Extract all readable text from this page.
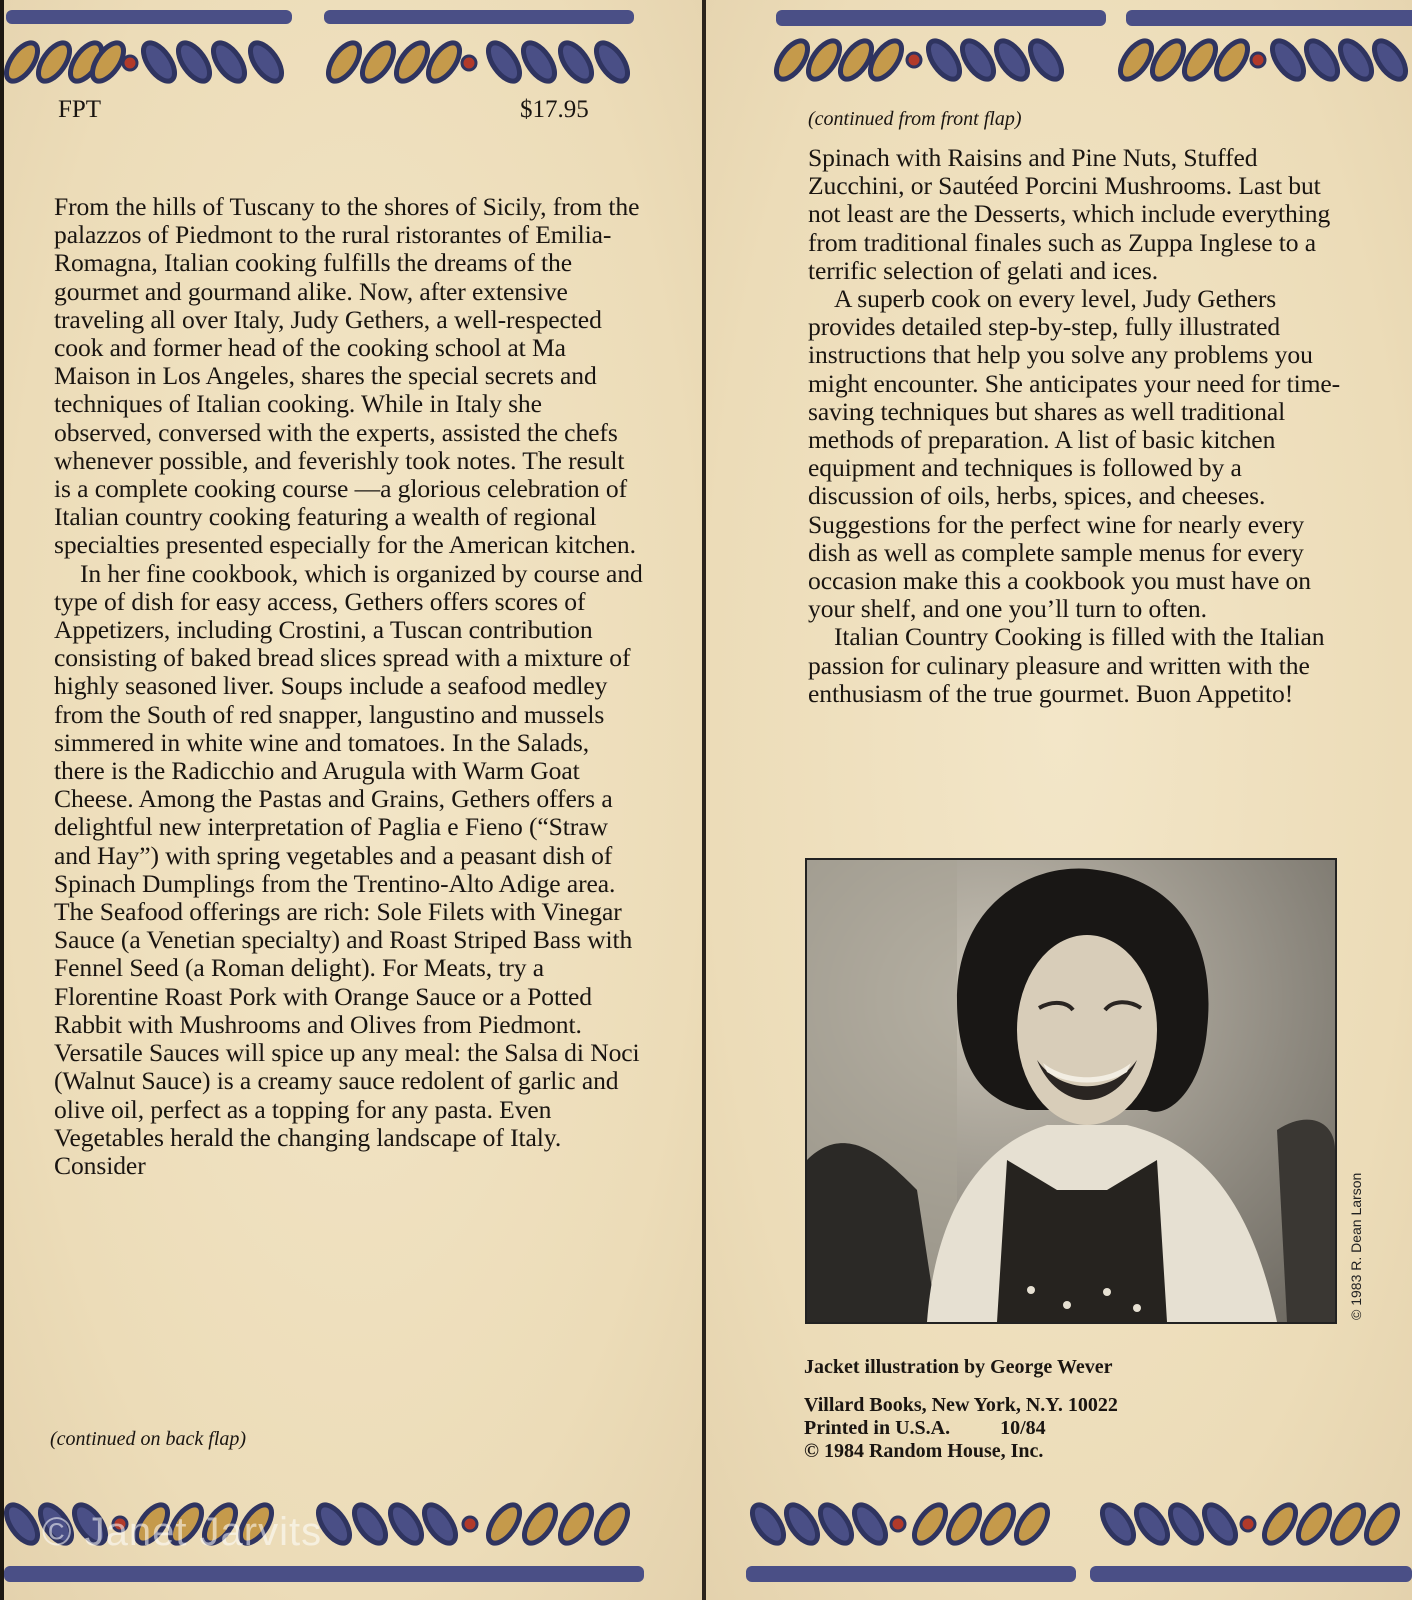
FPT	$17.95

From the hills of Tuscany to the shores of Sicily, from the palazzos of Piedmont to the rural ristorantes of Emilia-Romagna, Italian cooking fulfills the dreams of the gourmet and gourmand alike. Now, after extensive traveling all over Italy, Judy Gethers, a well-respected cook and former head of the cooking school at Ma Maison in Los Angeles, shares the special secrets and techniques of Italian cooking. While in Italy she observed, conversed with the experts, assisted the chefs whenever possible, and feverishly took notes. The result is a complete cooking course —a glorious celebration of Italian country cooking featuring a wealth of regional specialties presented especially for the American kitchen.

In her fine cookbook, which is organized by course and type of dish for easy access, Gethers offers scores of Appetizers, including Crostini, a Tuscan contribution consisting of baked bread slices spread with a mixture of highly seasoned liver. Soups include a seafood medley from the South of red snapper, langustino and mussels simmered in white wine and tomatoes. In the Salads, there is the Radicchio and Arugula with Warm Goat Cheese. Among the Pastas and Grains, Gethers offers a delightful new interpretation of Paglia e Fieno (“Straw and Hay”) with spring vegetables and a peasant dish of Spinach Dumplings from the Trentino-Alto Adige area. The Seafood offerings are rich: Sole Filets with Vinegar Sauce (a Venetian specialty) and Roast Striped Bass with Fennel Seed (a Roman delight). For Meats, try a Florentine Roast Pork with Orange Sauce or a Potted Rabbit with Mushrooms and Olives from Piedmont. Versatile Sauces will spice up any meal: the Salsa di Noci (Walnut Sauce) is a creamy sauce redolent of garlic and olive oil, perfect as a topping for any pasta. Even Vegetables herald the changing landscape of Italy. Consider

(continued on back flap)
(continued from front flap)

Spinach with Raisins and Pine Nuts, Stuffed Zucchini, or Sautéed Porcini Mushrooms. Last but not least are the Desserts, which include everything from traditional finales such as Zuppa Inglese to a terrific selection of gelati and ices.

A superb cook on every level, Judy Gethers provides detailed step-by-step, fully illustrated instructions that help you solve any problems you might encounter. She anticipates your need for time-saving techniques but shares as well traditional methods of preparation. A list of basic kitchen equipment and techniques is followed by a discussion of oils, herbs, spices, and cheeses. Suggestions for the perfect wine for nearly every dish as well as complete sample menus for every occasion make this a cookbook you must have on your shelf, and one you’ll turn to often.

Italian Country Cooking is filled with the Italian passion for culinary pleasure and written with the enthusiasm of the true gourmet. Buon Appetito!

© 1983 R. Dean Larson
Jacket illustration by George Wever
Villard Books, New York, N.Y. 10022
Printed in U.S.A.          10/84
© 1984 Random House, Inc.
© Janet Jarvits
